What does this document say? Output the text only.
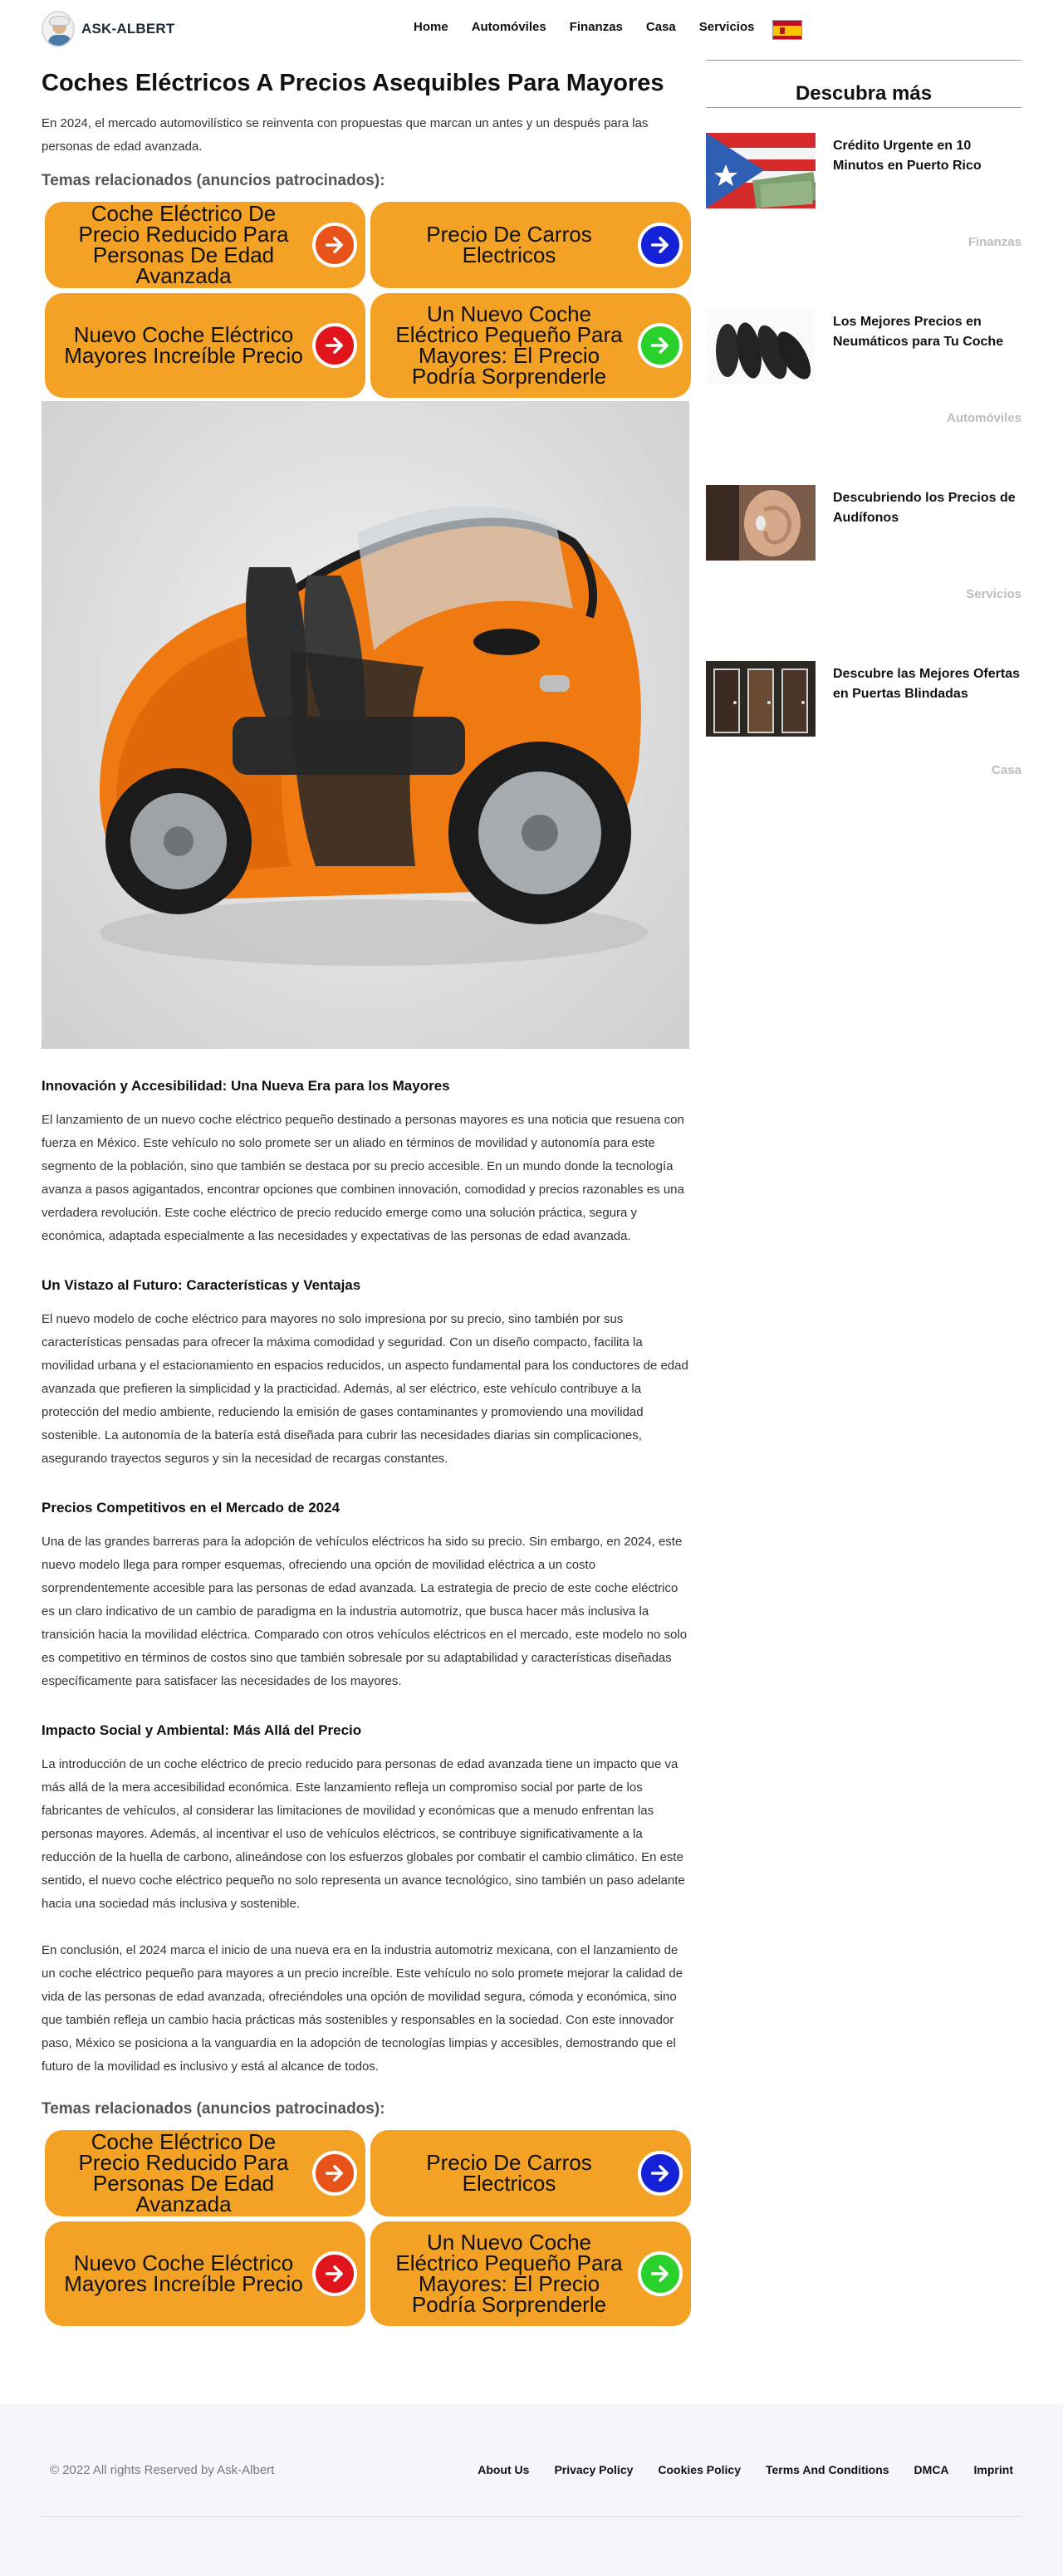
ASK-ALBERT	Home Automóviles Finanzas Casa Servicios
Coches Eléctricos A Precios Asequibles Para Mayores

En 2024, el mercado automovilístico se reinventa con propuestas que marcan un antes y un después para las personas de edad avanzada.

Temas relacionados (anuncios patrocinados):
Coche Eléctrico De Precio Reducido Para Personas De Edad Avanzada
Precio De Carros Electricos
Nuevo Coche Eléctrico Mayores Increíble Precio
Un Nuevo Coche Eléctrico Pequeño Para Mayores: El Precio Podría Sorprenderle
Innovación y Accesibilidad: Una Nueva Era para los Mayores

El lanzamiento de un nuevo coche eléctrico pequeño destinado a personas mayores es una noticia que resuena con fuerza en México. Este vehículo no solo promete ser un aliado en términos de movilidad y autonomía para este segmento de la población, sino que también se destaca por su precio accesible. En un mundo donde la tecnología avanza a pasos agigantados, encontrar opciones que combinen innovación, comodidad y precios razonables es una verdadera revolución. Este coche eléctrico de precio reducido emerge como una solución práctica, segura y económica, adaptada especialmente a las necesidades y expectativas de las personas de edad avanzada.

Un Vistazo al Futuro: Características y Ventajas

El nuevo modelo de coche eléctrico para mayores no solo impresiona por su precio, sino también por sus características pensadas para ofrecer la máxima comodidad y seguridad. Con un diseño compacto, facilita la movilidad urbana y el estacionamiento en espacios reducidos, un aspecto fundamental para los conductores de edad avanzada que prefieren la simplicidad y la practicidad. Además, al ser eléctrico, este vehículo contribuye a la protección del medio ambiente, reduciendo la emisión de gases contaminantes y promoviendo una movilidad sostenible. La autonomía de la batería está diseñada para cubrir las necesidades diarias sin complicaciones, asegurando trayectos seguros y sin la necesidad de recargas constantes.

Precios Competitivos en el Mercado de 2024

Una de las grandes barreras para la adopción de vehículos eléctricos ha sido su precio. Sin embargo, en 2024, este nuevo modelo llega para romper esquemas, ofreciendo una opción de movilidad eléctrica a un costo sorprendentemente accesible para las personas de edad avanzada. La estrategia de precio de este coche eléctrico es un claro indicativo de un cambio de paradigma en la industria automotriz, que busca hacer más inclusiva la transición hacia la movilidad eléctrica. Comparado con otros vehículos eléctricos en el mercado, este modelo no solo es competitivo en términos de costos sino que también sobresale por su adaptabilidad y características diseñadas específicamente para satisfacer las necesidades de los mayores.

Impacto Social y Ambiental: Más Allá del Precio

La introducción de un coche eléctrico de precio reducido para personas de edad avanzada tiene un impacto que va más allá de la mera accesibilidad económica. Este lanzamiento refleja un compromiso social por parte de los fabricantes de vehículos, al considerar las limitaciones de movilidad y económicas que a menudo enfrentan las personas mayores. Además, al incentivar el uso de vehículos eléctricos, se contribuye significativamente a la reducción de la huella de carbono, alineándose con los esfuerzos globales por combatir el cambio climático. En este sentido, el nuevo coche eléctrico pequeño no solo representa un avance tecnológico, sino también un paso adelante hacia una sociedad más inclusiva y sostenible.

En conclusión, el 2024 marca el inicio de una nueva era en la industria automotriz mexicana, con el lanzamiento de un coche eléctrico pequeño para mayores a un precio increíble. Este vehículo no solo promete mejorar la calidad de vida de las personas de edad avanzada, ofreciéndoles una opción de movilidad segura, cómoda y económica, sino que también refleja un cambio hacia prácticas más sostenibles y responsables en la sociedad. Con este innovador paso, México se posiciona a la vanguardia en la adopción de tecnologías limpias y accesibles, demostrando que el futuro de la movilidad es inclusivo y está al alcance de todos.

Temas relacionados (anuncios patrocinados):
Coche Eléctrico De Precio Reducido Para Personas De Edad Avanzada
Precio De Carros Electricos
Nuevo Coche Eléctrico Mayores Increíble Precio
Un Nuevo Coche Eléctrico Pequeño Para Mayores: El Precio Podría Sorprenderle
Descubra más
Crédito Urgente en 10 Minutos en Puerto Rico
Finanzas
Los Mejores Precios en Neumáticos para Tu Coche
Automóviles
Descubriendo los Precios de Audífonos
Servicios
Descubre las Mejores Ofertas en Puertas Blindadas
Casa
© 2022 All rights Reserved by Ask-Albert	About Us Privacy Policy Cookies Policy Terms And Conditions DMCA Imprint
